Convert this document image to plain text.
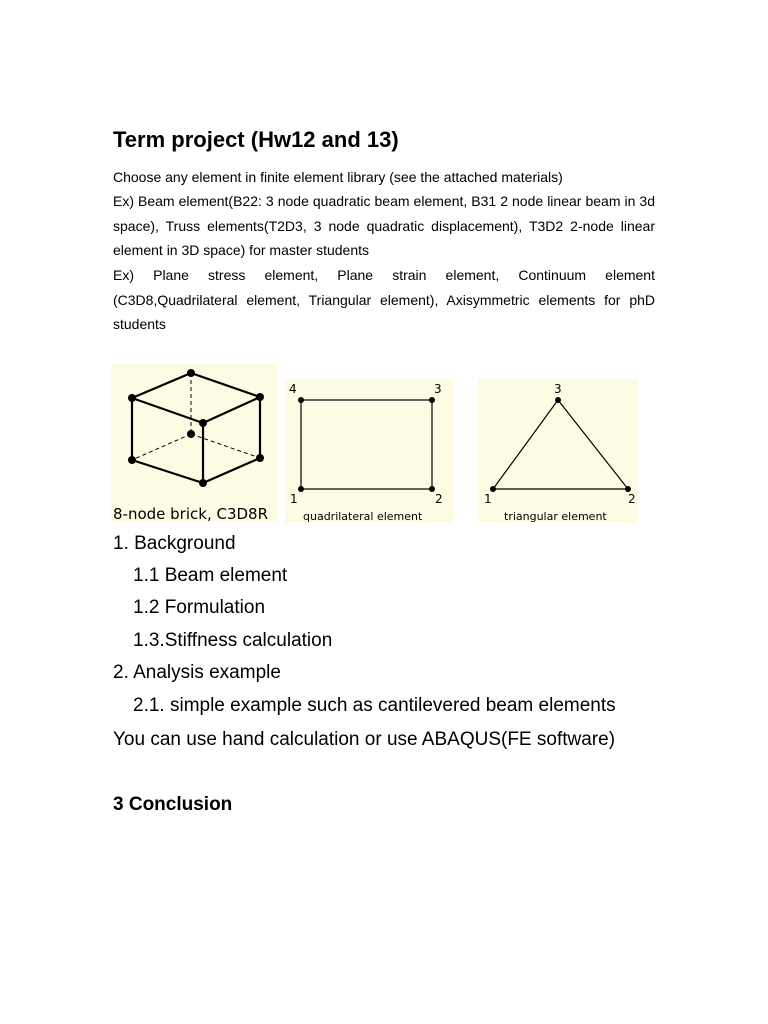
Term project (Hw12 and 13)

Choose any element in finite element library (see the attached materials)

Ex) Beam element(B22: 3 node quadratic beam element, B31 2 node linear beam in 3d space), Truss elements(T2D3, 3 node quadratic displacement), T3D2 2-node linear element in 3D space) for master students

Ex) Plane stress element, Plane strain element, Continuum element (C3D8,Quadrilateral element, Triangular element), Axisymmetric elements for phD students

8-node brick, C3D8R
4	3
1	2
quadrilateral element
3
1	2
triangular element

1. Background

1.1 Beam element

1.2 Formulation

1.3.Stiffness calculation

2. Analysis example

2.1. simple example such as cantilevered beam elements

You can use hand calculation or use ABAQUS(FE software)

3 Conclusion
